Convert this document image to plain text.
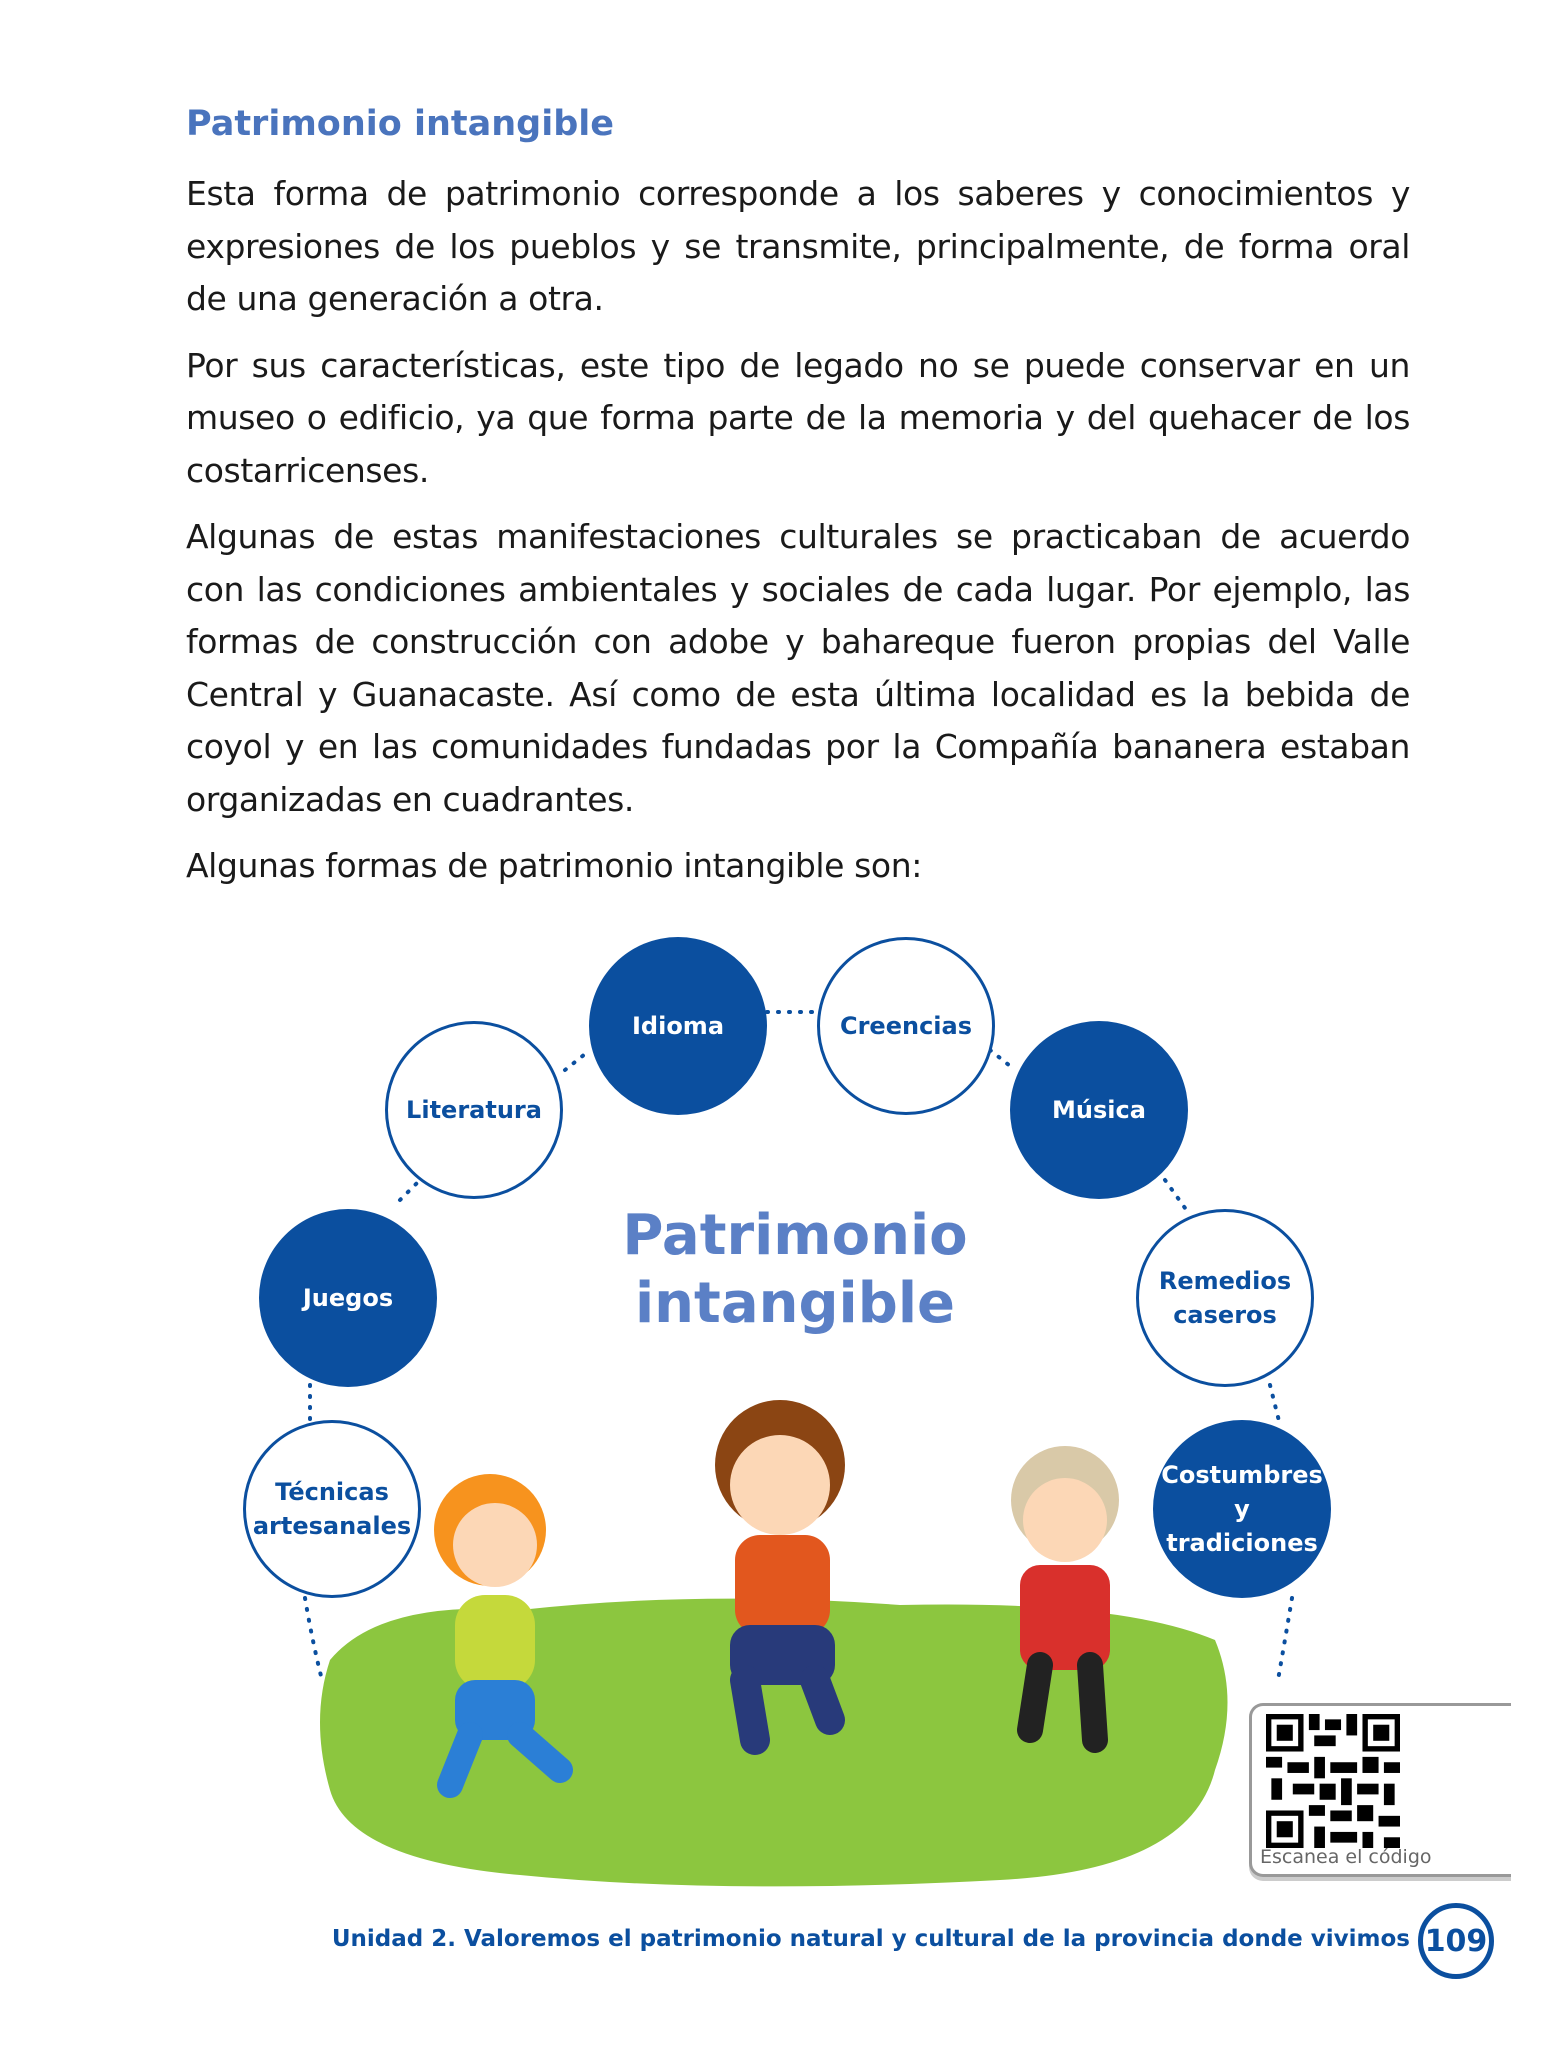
Patrimonio intangible

Esta forma de patrimonio corresponde a los saberes y conocimientos y expresiones de los pueblos y se transmite, principalmente, de forma oral de una generación a otra.

Por sus características, este tipo de legado no se puede conservar en un museo o edificio, ya que forma parte de la memoria y del quehacer de los costarricenses.

Algunas de estas manifestaciones culturales se practicaban de acuerdo con las condiciones ambientales y sociales de cada lugar. Por ejemplo, las formas de construcción con adobe y bahareque fueron propias del Valle Central y Guanacaste. Así como de esta última localidad es la bebida de coyol y en las comunidades fundadas por la Compañía bananera estaban organizadas en cuadrantes.

Algunas formas de patrimonio intangible son:

Patrimonio
intangible
Idioma	Creencias
Literatura	Música
Juegos
Remedios caseros
Técnicas artesanales
Costumbres y tradiciones
Escanea el código
Unidad 2. Valoremos el patrimonio natural y cultural de la provincia donde vivimos 109
